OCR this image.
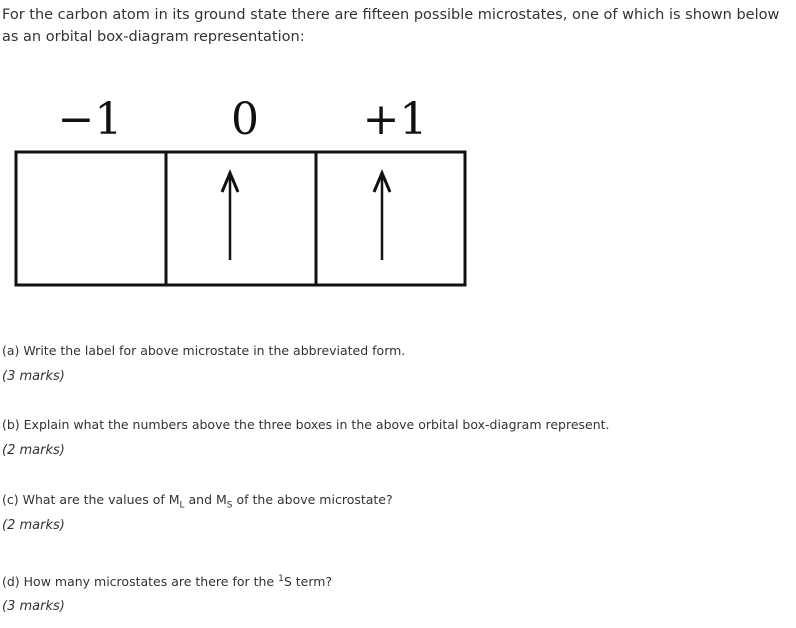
For the carbon atom in its ground state there are fifteen possible microstates, one of which is shown below as an orbital box-diagram representation:

−1	0	+1

(a) Write the label for above microstate in the abbreviated form.

(3 marks)

(b) Explain what the numbers above the three boxes in the above orbital box-diagram represent.

(2 marks)

(c) What are the values of $M_L$ and $M_S$ of the above microstate?

(2 marks)

(d) How many microstates are there for the $^1$S term?

(3 marks)
